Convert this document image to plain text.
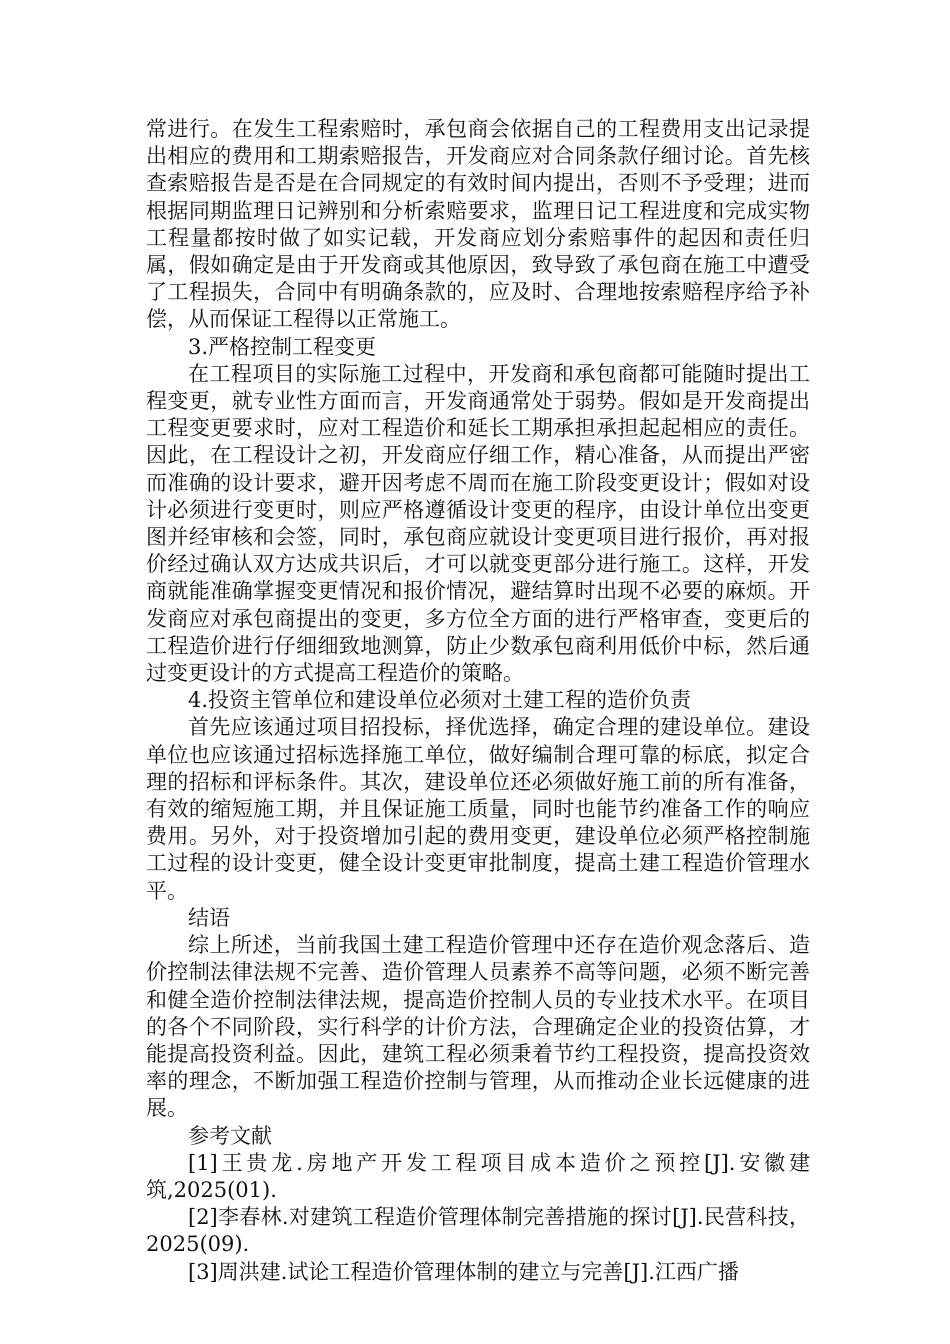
常进行。在发生工程索赔时，承包商会依据自己的工程费用支出记录提出相应的费用和工期索赔报告，开发商应对合同条款仔细讨论。首先核查索赔报告是否是在合同规定的有效时间内提出，否则不予受理；进而根据同期监理日记辨别和分析索赔要求，监理日记工程进度和完成实物工程量都按时做了如实记载，开发商应划分索赔事件的起因和责任归属，假如确定是由于开发商或其他原因，致导致了承包商在施工中遭受了工程损失，合同中有明确条款的，应及时、合理地按索赔程序给予补偿，从而保证工程得以正常施工。

3.严格控制工程变更

在工程项目的实际施工过程中，开发商和承包商都可能随时提出工程变更，就专业性方面而言，开发商通常处于弱势。假如是开发商提出工程变更要求时，应对工程造价和延长工期承担承担起起相应的责任。因此，在工程设计之初，开发商应仔细工作，精心准备，从而提出严密而准确的设计要求，避开因考虑不周而在施工阶段变更设计；假如对设计必须进行变更时，则应严格遵循设计变更的程序，由设计单位出变更图并经审核和会签，同时，承包商应就设计变更项目进行报价，再对报价经过确认双方达成共识后，才可以就变更部分进行施工。这样，开发商就能准确掌握变更情况和报价情况，避结算时出现不必要的麻烦。开发商应对承包商提出的变更，多方位全方面的进行严格审查，变更后的工程造价进行仔细细致地测算，防止少数承包商利用低价中标，然后通过变更设计的方式提高工程造价的策略。

4.投资主管单位和建设单位必须对土建工程的造价负责

首先应该通过项目招投标，择优选择，确定合理的建设单位。建设单位也应该通过招标选择施工单位，做好编制合理可靠的标底，拟定合理的招标和评标条件。其次，建设单位还必须做好施工前的所有准备，有效的缩短施工期，并且保证施工质量，同时也能节约准备工作的响应费用。另外，对于投资增加引起的费用变更，建设单位必须严格控制施工过程的设计变更，健全设计变更审批制度，提高土建工程造价管理水平。

结语

综上所述，当前我国土建工程造价管理中还存在造价观念落后、造价控制法律法规不完善、造价管理人员素养不高等问题，必须不断完善和健全造价控制法律法规，提高造价控制人员的专业技术水平。在项目的各个不同阶段，实行科学的计价方法，合理确定企业的投资估算，才能提高投资利益。因此，建筑工程必须秉着节约工程投资，提高投资效率的理念，不断加强工程造价控制与管理，从而推动企业长远健康的进展。

参考文献

[1]王贵龙.房地产开发工程项目成本造价之预控[J].安徽建筑,2025(01).

[2]李春林.对建筑工程造价管理体制完善措施的探讨[J].民营科技，2025(09).

[3]周洪建.试论工程造价管理体制的建立与完善[J].江西广播
